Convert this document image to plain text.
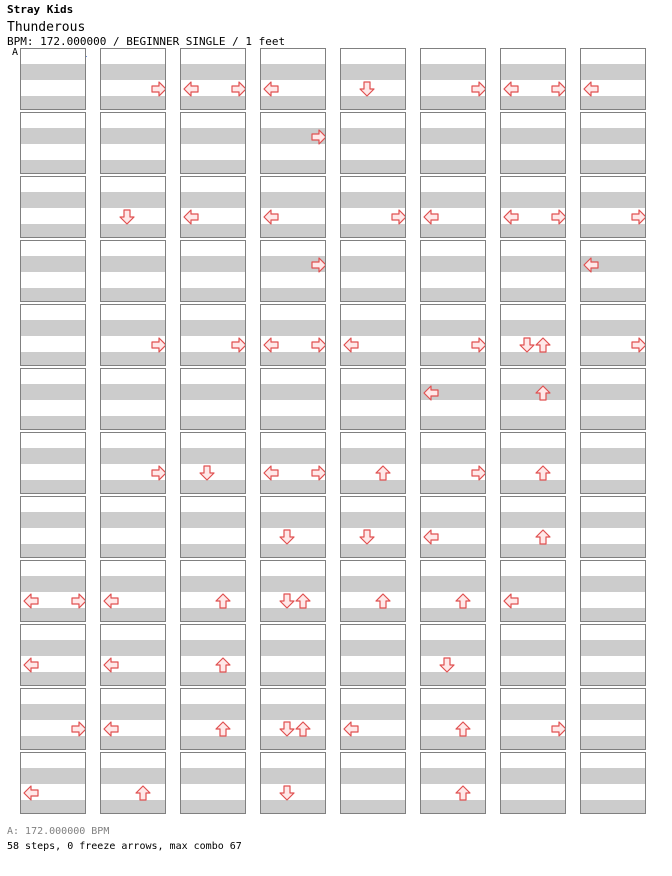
Stray Kids
Thunderous
BPM: 172.000000 / BEGINNER SINGLE / 1 feet
A
A: 172.000000 BPM
58 steps, 0 freeze arrows, max combo 67
